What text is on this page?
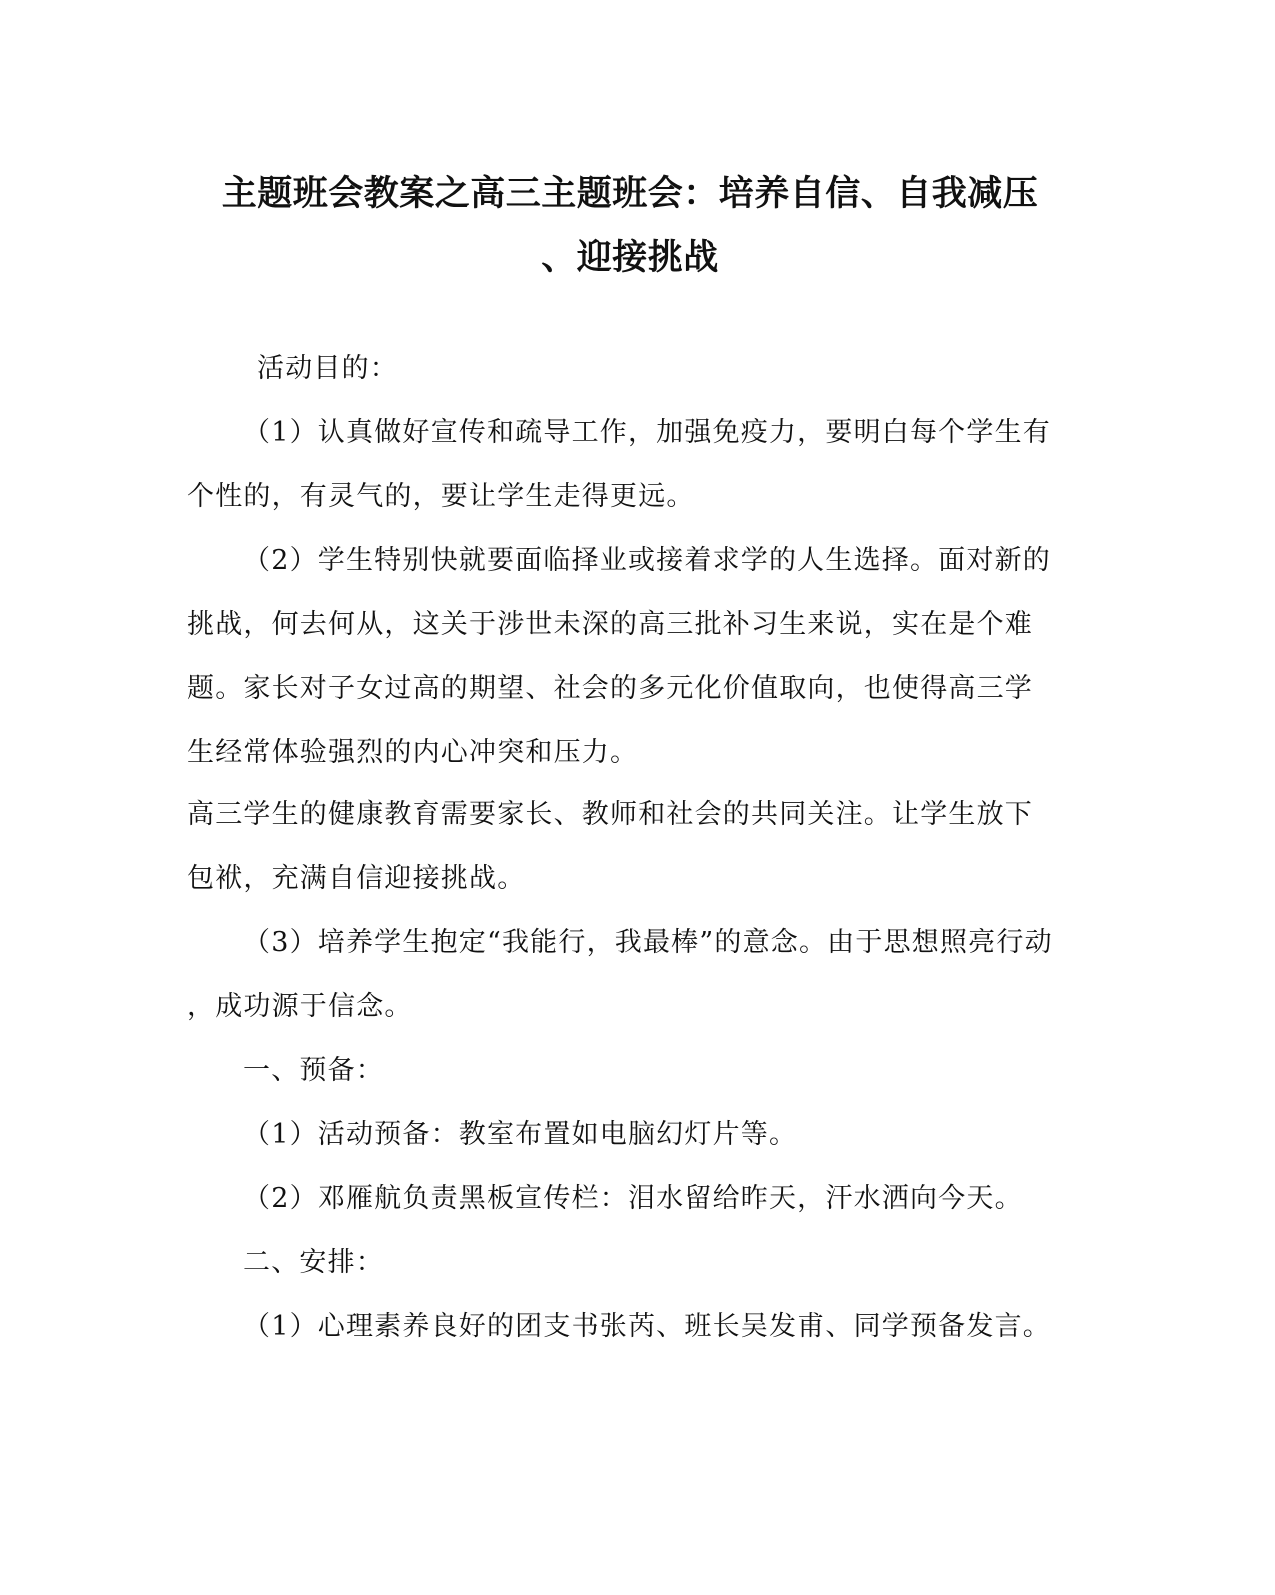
主题班会教案之高三主题班会：培养自信、自我减压
、迎接挑战
活动目的：
（1）认真做好宣传和疏导工作，加强免疫力，要明白每个学生有
个性的，有灵气的，要让学生走得更远。
（2）学生特别快就要面临择业或接着求学的人生选择。面对新的
挑战，何去何从，这关于涉世未深的高三批补习生来说，实在是个难
题。家长对子女过高的期望、社会的多元化价值取向，也使得高三学
生经常体验强烈的内心冲突和压力。
高三学生的健康教育需要家长、教师和社会的共同关注。让学生放下
包袱，充满自信迎接挑战。
（3）培养学生抱定“我能行，我最棒”的意念。由于思想照亮行动
，成功源于信念。
一、预备：
（1）活动预备：教室布置如电脑幻灯片等。
（2）邓雁航负责黑板宣传栏：泪水留给昨天，汗水洒向今天。
二、安排：
（1）心理素养良好的团支书张芮、班长吴发甫、同学预备发言。
